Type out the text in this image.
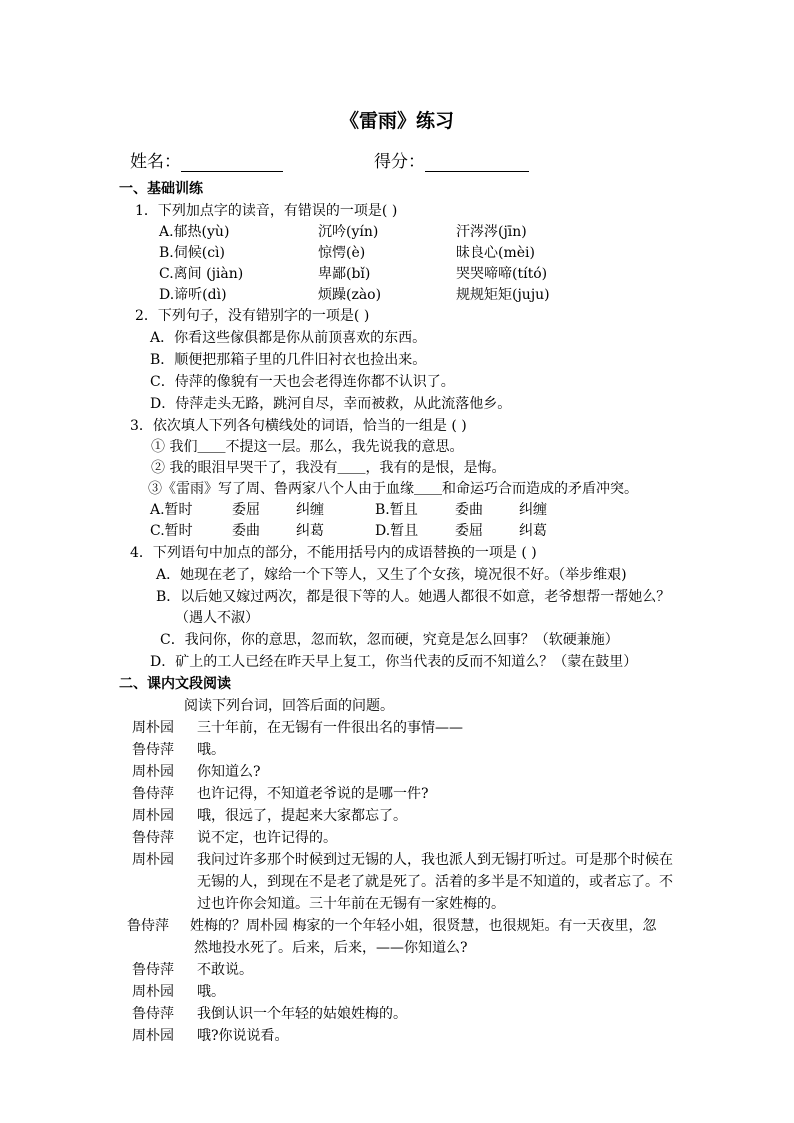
《雷雨》练习
姓名：	得分：
一、基础训练
1．下列加点字的读音，有错误的一项是( )
A.郁热(yù)	沉吟(yín)	汗涔涔(jīn)
B.伺候(cì)	惊愕(è)	昧良心(mèi)
C.离间 (jiàn)	卑鄙(bǐ)	哭哭啼啼(tító)
D.谛听(dì)	烦躁(zào)	规规矩矩(juju)
2．下列句子，没有错别字的一项是( )
A．你看这些傢俱都是你从前顶喜欢的东西。
B．顺便把那箱子里的几件旧衬衣也捡出来。
C．侍萍的像貌有一天也会老得连你都不认识了。
D．侍萍走头无路，跳河自尽，幸而被救，从此流落他乡。
3．依次填人下列各句横线处的词语，恰当的一组是 ( )
① 我们＿＿不提这一层。那么，我先说我的意思。
② 我的眼泪早哭干了，我没有＿＿，我有的是恨，是悔。
③《雷雨》写了周、鲁两家八个人由于血缘＿＿和命运巧合而造成的矛盾冲突。
A.暂时	委屈	纠缠	B.暂且	委曲	纠缠
C.暂时	委曲	纠葛	D.暂且	委屈	纠葛
4．下列语句中加点的部分，不能用括号内的成语替换的一项是 ( )
A．她现在老了，嫁给一个下等人，又生了个女孩，境况很不好。（举步维艰)
B．以后她又嫁过两次，都是很下等的人。她遇人都很不如意，老爷想帮一帮她么？
（遇人不淑）
C．我问你，你的意思，忽而软，忽而硬，究竟是怎么回事？（软硬兼施）
D．矿上的工人已经在昨天早上复工，你当代表的反而不知道么？（蒙在鼓里）
二、课内文段阅读
阅读下列台词，回答后面的问题。
周朴园 三十年前，在无锡有一件很出名的事情——
鲁侍萍 哦。
周朴园 你知道么?
鲁侍萍 也许记得，不知道老爷说的是哪一件?
周朴园 哦，很远了，提起来大家都忘了。
鲁侍萍 说不定，也许记得的。
周朴园 我问过许多那个时候到过无锡的人，我也派人到无锡打听过。可是那个时候在
无锡的人，到现在不是老了就是死了。活着的多半是不知道的，或者忘了。不
过也许你会知道。三十年前在无锡有一家姓梅的。
鲁侍萍 姓梅的？周朴园 梅家的一个年轻小姐，很贤慧，也很规矩。有一天夜里，忽
然地投水死了。后来，后来，——你知道么?
鲁侍萍 不敢说。
周朴园 哦。
鲁侍萍 我倒认识一个年轻的姑娘姓梅的。
周朴园 哦?你说说看。
